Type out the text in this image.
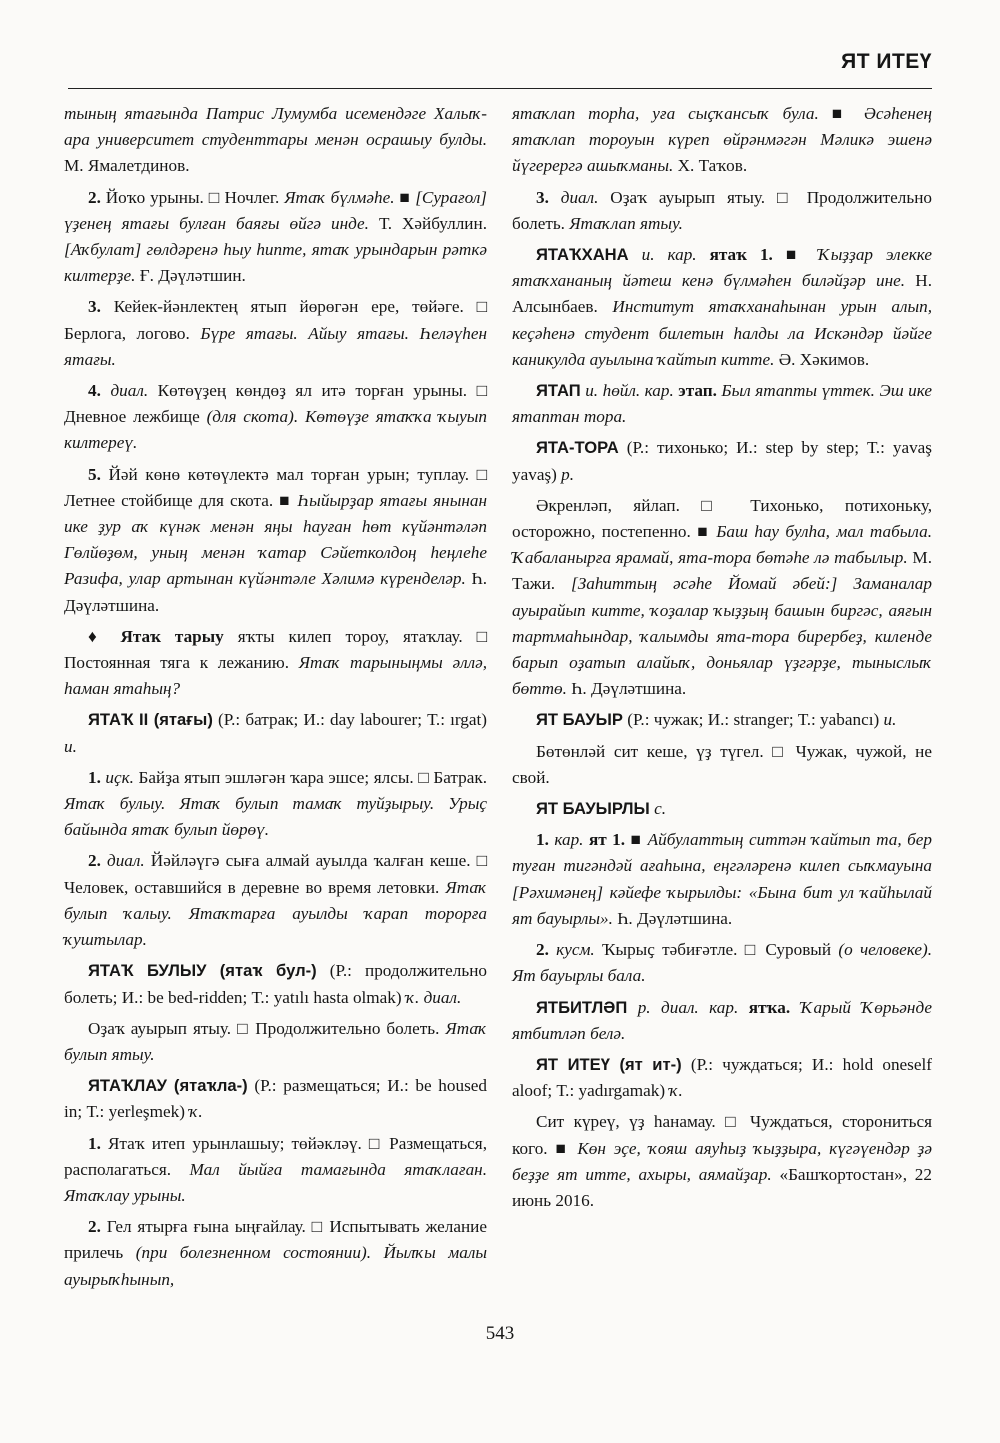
ЯТ ИТЕҮ

тының ятағында Патрис Лумумба исемендәге Халыҡ-ара университет студенттары менән осрашыу булды. М. Ямалетдинов.

2. Йоҡо урыны. □ Ночлег. Ятаҡ бүлмәһе. ■ [Сурағол] үҙенең ятағы булған баяғы өйгә инде. Т. Хәйбуллин. [Аҡбулат] гөлдәренә һыу һипте, ятаҡ урындарын рәткә килтерҙе. Ғ. Дәүләтшин.

3. Кейек-йәнлектең ятып йөрөгән ере, төйәге. □ Берлога, логово. Бүре ятағы. Айыу ятағы. Һеләүһен ятағы.

4. диал. Көтөүҙең көндөҙ ял итә торған урыны. □ Дневное лежбище (для скота). Көтөүҙе ятаҡҡа ҡыуып килтереү.

5. Йәй көнө көтөүлектә мал торған урын; туплау. □ Летнее стойбище для скота. ■ Һыйырҙар ятағы янынан ике ҙур аҡ күнәк менән яңы һауған һөт күйәнтәләп Гөлйөҙөм, уның менән ҡатар Сәйетколдоң һеңлеһе Разифа, улар артынан күйәнтәле Хәлимә күренделәр. Һ. Дәүләтшина.

♦ Ятаҡ тарыу яҡты килеп тороу, ятаҡлау. □ Постоянная тяга к лежанию. Ятаҡ тарыныңмы әллә, һаман ятаһың?

ЯТАҠ II (ятағы) (Р.: батрак; И.: day labourer; Т.: ırgat) и.

1. иҫк. Байҙа ятып эшләгән ҡара эшсе; ялсы. □ Батрак. Ятаҡ булыу. Ятаҡ булып тамаҡ туйҙырыу. Урыҫ байында ятаҡ булып йөрөү.

2. диал. Йәйләүгә сыға алмай ауылда ҡалған кеше. □ Человек, оставшийся в деревне во время летовки. Ятаҡ булып ҡалыу. Ятаҡтарға ауылды ҡарап торорға ҡуштылар.

ЯТАҠ БУЛЫУ (ятаҡ бул-) (Р.: продолжительно болеть; И.: be bed-ridden; Т.: yatılı hasta olmak) ҡ. диал.

Оҙаҡ ауырып ятыу. □ Продолжительно болеть. Ятаҡ булып ятыу.

ЯТАҠЛАУ (ятаҡла-) (Р.: размещаться; И.: be housed in; Т.: yerleşmek) ҡ.

1. Ятаҡ итеп урынлашыу; төйәкләү. □ Размещаться, располагаться. Мал йыйға тамағында ятаҡлаған. Ятаҡлау урыны.

2. Гел ятырға ғына ыңғайлау. □ Испытывать желание прилечь (при болезненном состоянии). Йылҡы малы ауырыҡһынып,

ятаҡлап торһа, уға сыҫҡансыҡ була. ■ Әсәһенең ятаҡлап тороуын күреп өйрәнмәгән Мәликә эшенә йүгерергә ашыҡманы. Х. Таҡов.

3. диал. Оҙаҡ ауырып ятыу. □ Продолжительно болеть. Ятаҡлап ятыу.

ЯТАҠХАНА и. кар. ятаҡ 1. ■ Ҡыҙҙар элекке ятаҡхананың йәтеш кенә бүлмәһен биләйҙәр ине. Н. Алсынбаев. Институт ятаҡханаһынан урын алып, кеҫәһенә студент билетын һалды ла Искәндәр йәйге каникулда ауылына ҡайтып китте. Ә. Хәкимов.

ЯТАП и. һөйл. кар. этап. Был ятапты үттек. Эш ике ятаптан тора.

ЯТА-ТОРА (Р.: тихонько; И.: step by step; Т.: yavaş yavaş) р.

Әкренләп, яйлап. □ Тихонько, потихоньку, осторожно, постепенно. ■ Баш һау булһа, мал табыла. Ҡабаланырға ярамай, ята-тора бөтәһе лә табылыр. М. Тажи. [Заһиттың әсәһе Йомай әбей:] Заманалар ауырайып китте, ҡоҙалар ҡыҙҙың башын биргәс, аяғын тартмаһындар, ҡалымды ята-тора бирербеҙ, киленде барып оҙатып алайыҡ, доньялар үҙгәрҙе, тыныслыҡ бөттө. Һ. Дәүләтшина.

ЯТ БАУЫР (Р.: чужак; И.: stranger; Т.: yabancı) и.

Бөтөнләй сит кеше, үҙ түгел. □ Чужак, чужой, не свой.

ЯТ БАУЫРЛЫ с.

1. кар. ят 1. ■ Айбулаттың ситтән ҡайтып та, бер туған тигәндәй ағаһына, еңгәләренә килеп сыҡмауына [Рәхимәнең] кәйефе ҡырылды: «Бына бит ул ҡайһылай ят бауырлы». Һ. Дәүләтшина.

2. кусм. Ҡырыҫ тәбиғәтле. □ Суровый (о человеке). Ят бауырлы бала.

ЯТБИТЛӘП р. диал. кар. ятҡа. Ҡарый Ҡөрьәнде ятбитләп белә.

ЯТ ИТЕҮ (ят ит-) (Р.: чуждаться; И.: hold oneself aloof; Т.: yadırgamak) ҡ.

Сит күреү, үҙ һанамау. □ Чуждаться, сторониться кого. ■ Көн эҫе, ҡояш аяуһыҙ ҡыҙҙыра, күгәүендәр ҙә беҙҙе ят итте, ахыры, аямайҙар. «Башҡортостан», 22 июнь 2016.

543
